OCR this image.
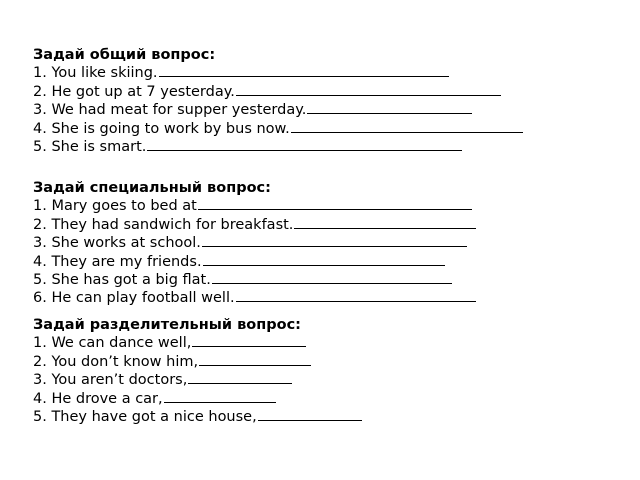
Задай общий вопрос:
1. You like skiing.
2. He got up at 7 yesterday.
3. We had meat for supper yesterday.
4. She is going to work by bus now.
5. She is smart.
Задай специальный вопрос:
1. Mary goes to bed at
2. They had sandwich for breakfast.
3. She works at school.
4. They are my friends.
5. She has got a big flat.
6. He can play football well.
Задай разделительный вопрос:
1. We can dance well,
2. You don’t know him,
3. You aren’t doctors,
4. He drove a car,
5. They have got a nice house,
